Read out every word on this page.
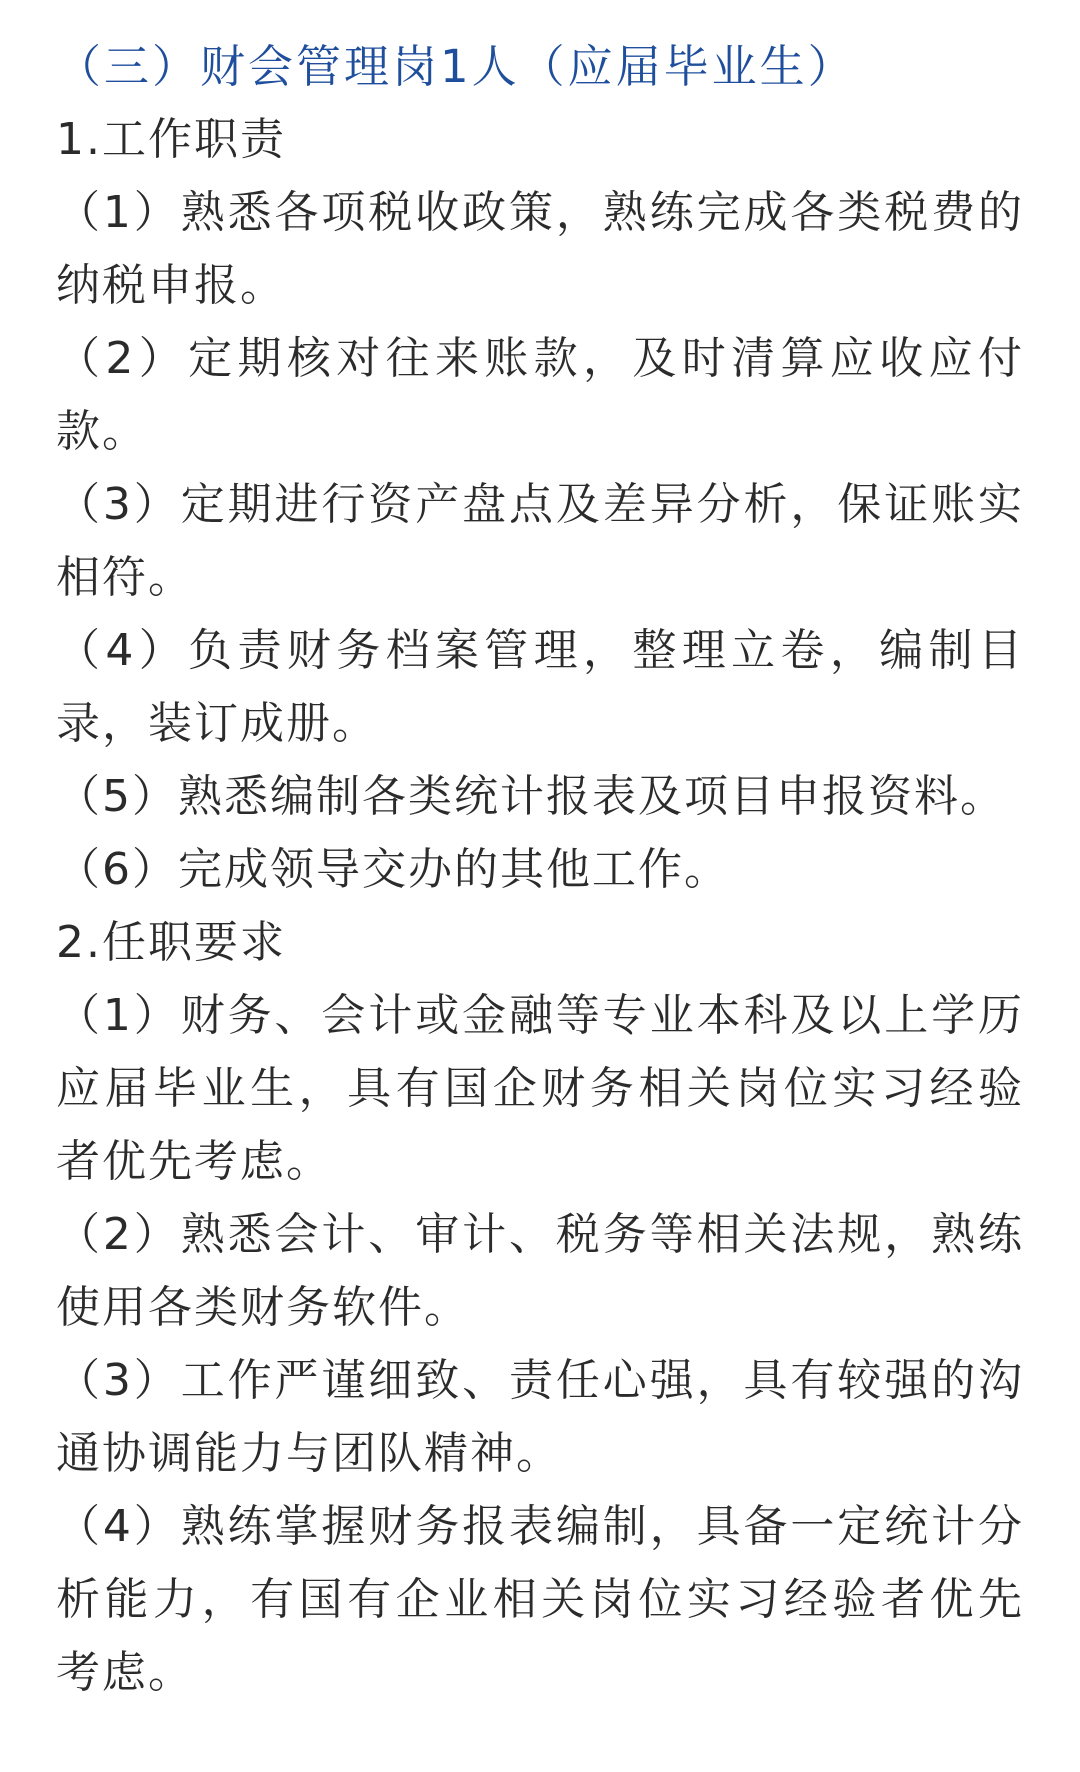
（三）财会管理岗1人（应届毕业生）
1.工作职责
（1）熟悉各项税收政策，熟练完成各类税费的
纳税申报。
（2）定期核对往来账款，及时清算应收应付
款。
（3）定期进行资产盘点及差异分析，保证账实
相符。
（4）负责财务档案管理，整理立卷，编制目
录，装订成册。
（5）熟悉编制各类统计报表及项目申报资料。
（6）完成领导交办的其他工作。
2.任职要求
（1）财务、会计或金融等专业本科及以上学历
应届毕业生，具有国企财务相关岗位实习经验
者优先考虑。
（2）熟悉会计、审计、税务等相关法规，熟练
使用各类财务软件。
（3）工作严谨细致、责任心强，具有较强的沟
通协调能力与团队精神。
（4）熟练掌握财务报表编制，具备一定统计分
析能力，有国有企业相关岗位实习经验者优先
考虑。
